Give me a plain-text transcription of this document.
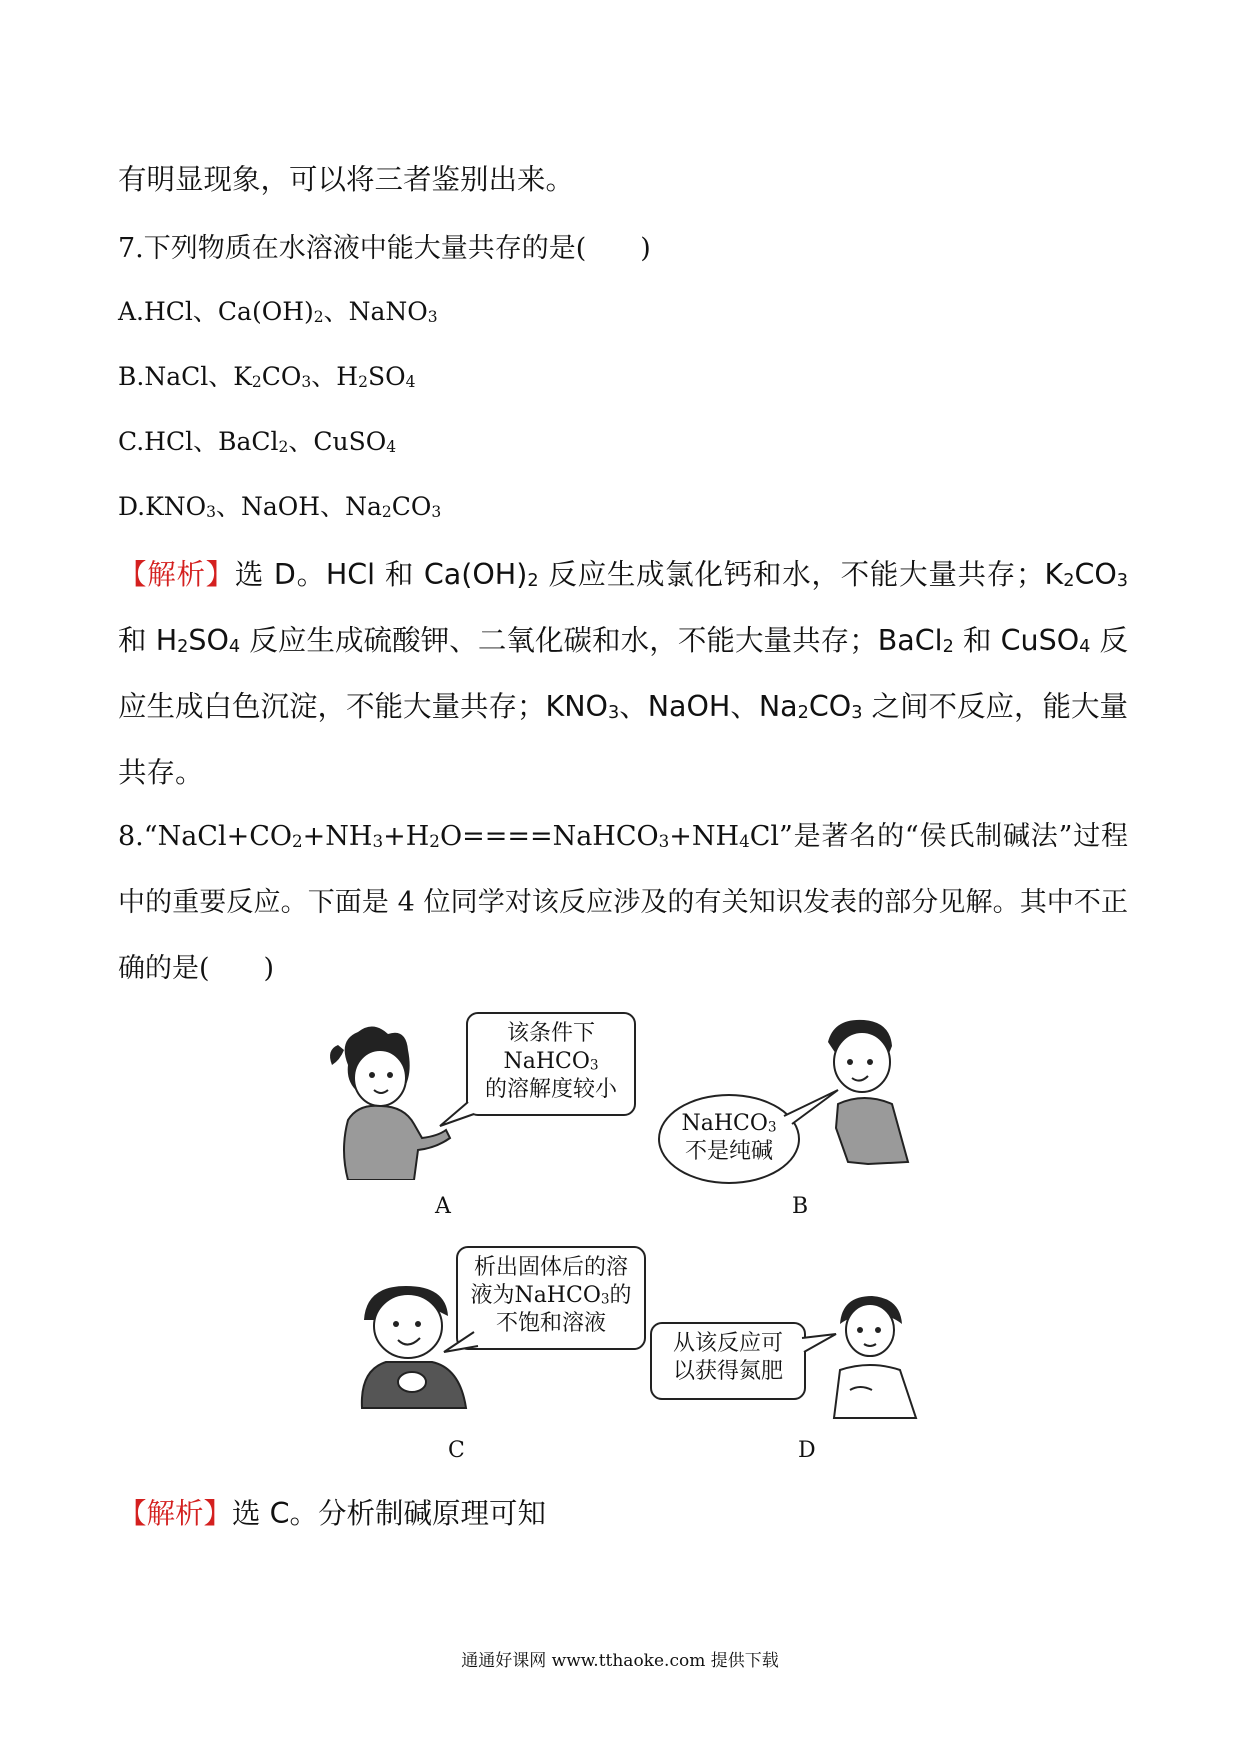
有明显现象，可以将三者鉴别出来。
7.下列物质在水溶液中能大量共存的是(　　)
A.HCl、$Ca(OH)_2$、NaNO$_3$
B.NaCl、$K_2CO_3$、$H_2SO_4$
C.HCl、BaCl$_2$、CuSO$_4$
$D.KNO_3$、NaOH、$Na_2CO_3$
【解析】选 D。HCl 和 $Ca(OH)_2$ 反应生成氯化钙和水，不能大量共存；$K_2CO_3$ 和 $H_2SO_4$ 反应生成硫酸钾、二氧化碳和水，不能大量共存；BaCl$_2$ 和 CuSO$_4$ 反应生成白色沉淀，不能大量共存；$KNO_3$、NaOH、$Na_2CO_3$ 之间不反应，能大量共存。
$8.“NaCl+CO_2+NH_3+H_2O====NaHCO_3+NH_4Cl$”是著名的“侯氏制碱法”过程中的重要反应。下面是 4 位同学对该反应涉及的有关知识发表的部分见解。其中不正确的是(　　)
该条件下
NaHCO$_3$
的溶解度较小
A
NaHCO$_3$
不是纯碱
B
析出固体后的溶
液为NaHCO$_3$的
不饱和溶液
C
从该反应可
以获得氮肥
D
【解析】选 C。分析制碱原理可知
通通好课网 www.tthaoke.com 提供下载
